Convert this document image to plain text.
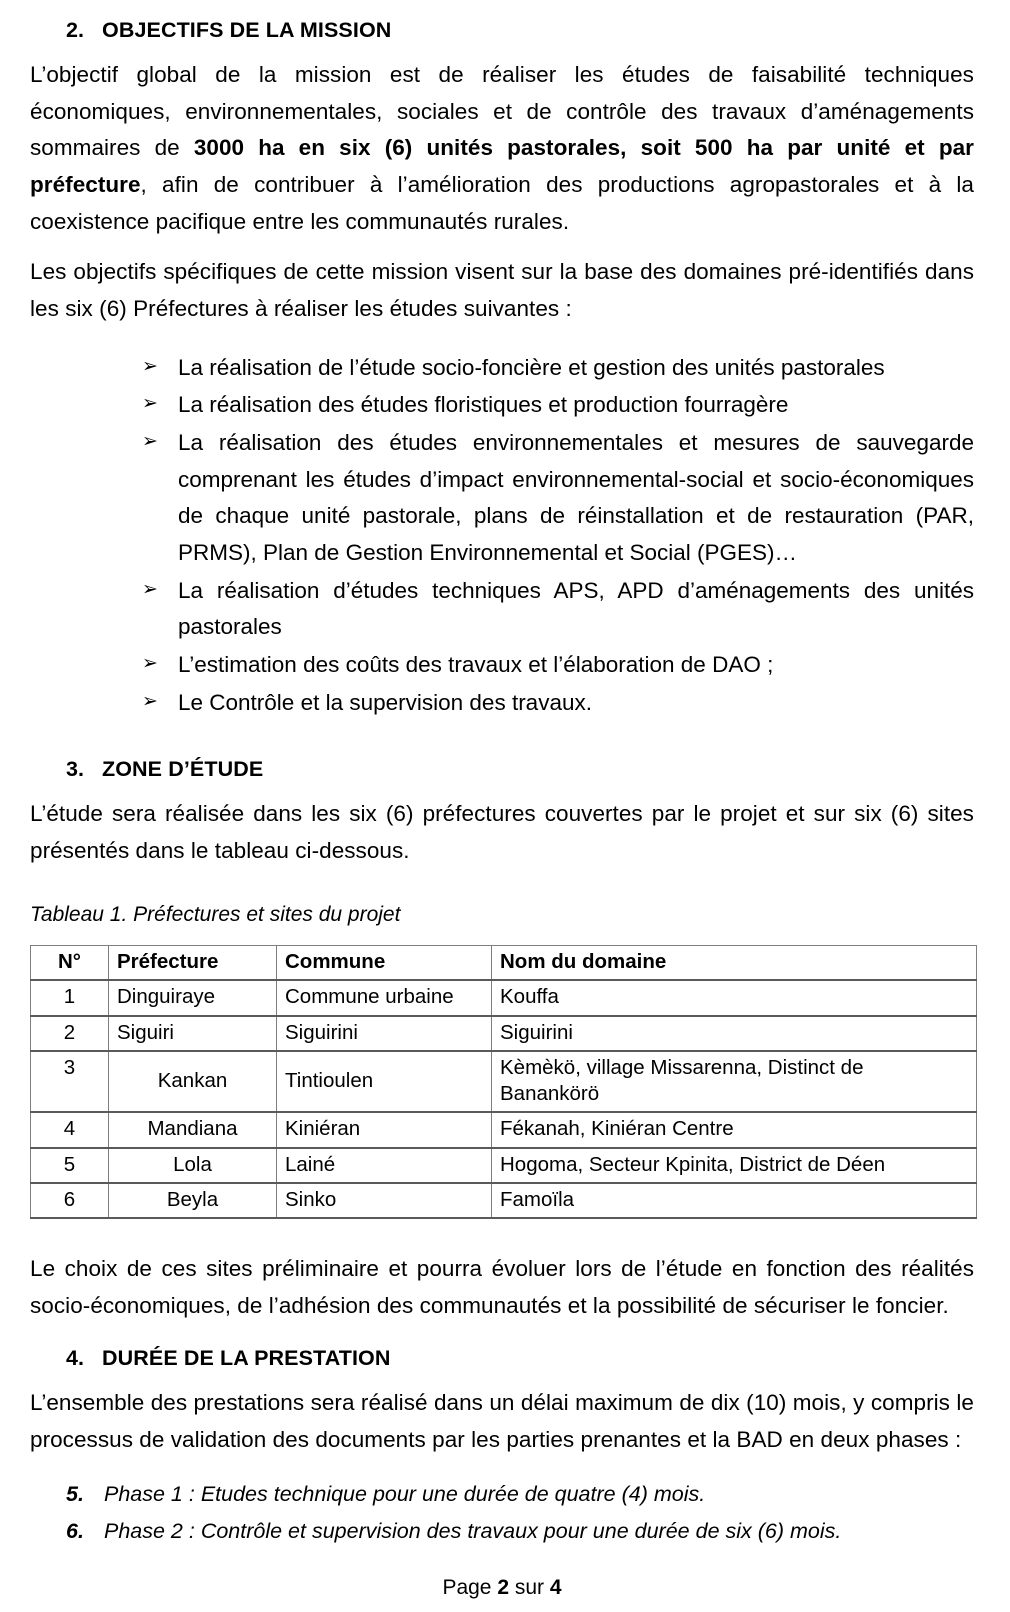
2. OBJECTIFS DE LA MISSION

L’objectif global de la mission est de réaliser les études de faisabilité techniques économiques, environnementales, sociales et de contrôle des travaux d’aménagements sommaires de 3000 ha en six (6) unités pastorales, soit 500 ha par unité et par préfecture, afin de contribuer à l’amélioration des productions agropastorales et à la coexistence pacifique entre les communautés rurales.

Les objectifs spécifiques de cette mission visent sur la base des domaines pré-identifiés dans les six (6) Préfectures à réaliser les études suivantes :

➢ La réalisation de l’étude socio-foncière et gestion des unités pastorales
➢ La réalisation des études floristiques et production fourragère
➢ La réalisation des études environnementales et mesures de sauvegarde comprenant les études d’impact environnemental-social et socio-économiques de chaque unité pastorale, plans de réinstallation et de restauration (PAR, PRMS), Plan de Gestion Environnemental et Social (PGES)…
➢ La réalisation d’études techniques APS, APD d’aménagements des unités pastorales
➢ L’estimation des coûts des travaux et l’élaboration de DAO ;
➢ Le Contrôle et la supervision des travaux.
3. ZONE D’ÉTUDE

L’étude sera réalisée dans les six (6) préfectures couvertes par le projet et sur six (6) sites présentés dans le tableau ci-dessous.

Tableau 1. Préfectures et sites du projet
N°	Préfecture	Commune	Nom du domaine
1	Dinguiraye	Commune urbaine	Kouffa
2	Siguiri	Siguirini	Siguirini
3	Kankan	Tintioulen	Kèmèkö, village Missarenna, Distinct de Banankörö
4	Mandiana	Kiniéran	Fékanah, Kiniéran Centre
5	Lola	Lainé	Hogoma, Secteur Kpinita, District de Déen
6	Beyla	Sinko	Famoïla

Le choix de ces sites préliminaire et pourra évoluer lors de l’étude en fonction des réalités socio-économiques, de l’adhésion des communautés et la possibilité de sécuriser le foncier.

4. DURÉE DE LA PRESTATION

L’ensemble des prestations sera réalisé dans un délai maximum de dix (10) mois, y compris le processus de validation des documents par les parties prenantes et la BAD en deux phases :

5. Phase 1 : Etudes technique pour une durée de quatre (4) mois.
6. Phase 2 : Contrôle et supervision des travaux pour une durée de six (6) mois.
Page 2 sur 4
